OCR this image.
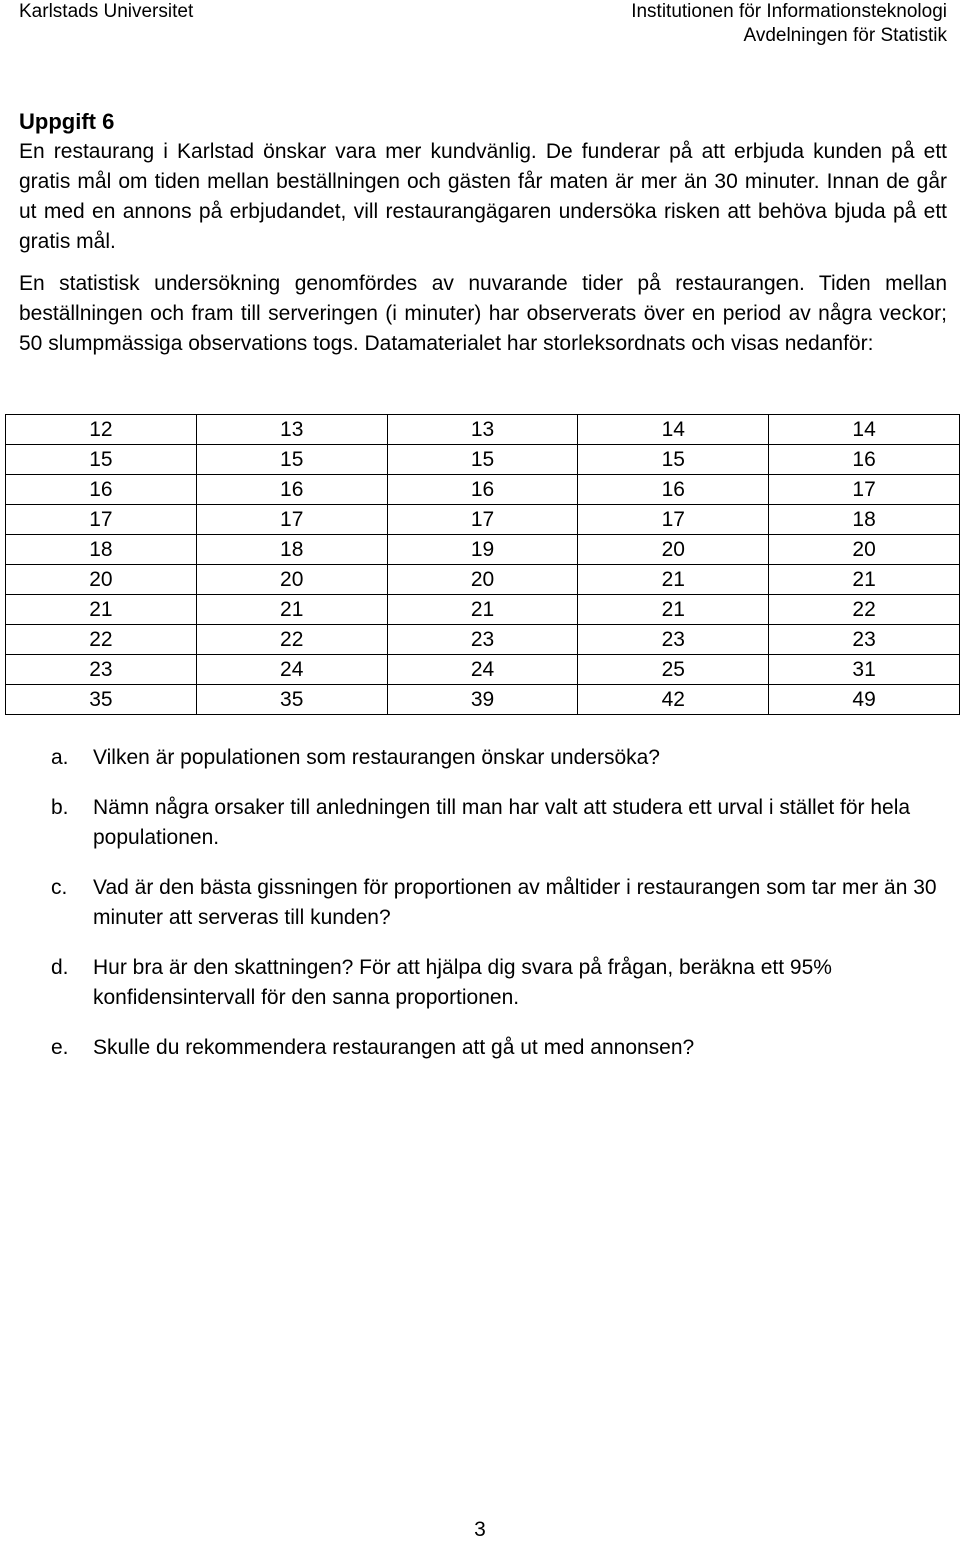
Karlstads Universitet	Institutionen för Informationsteknologi
Avdelningen för Statistik

Uppgift 6

En restaurang i Karlstad önskar vara mer kundvänlig. De funderar på att erbjuda kunden på ett gratis mål om tiden mellan beställningen och gästen får maten är mer än 30 minuter. Innan de går ut med en annons på erbjudandet, vill restaurangägaren undersöka risken att behöva bjuda på ett gratis mål.

En statistisk undersökning genomfördes av nuvarande tider på restaurangen. Tiden mellan beställningen och fram till serveringen (i minuter) har observerats över en period av några veckor; 50 slumpmässiga observations togs. Datamaterialet har storleksordnats och visas nedanför:

12	13	13	14	14
15	15	15	15	16
16	16	16	16	17
17	17	17	17	18
18	18	19	20	20
20	20	20	21	21
21	21	21	21	22
22	22	23	23	23
23	24	24	25	31
35	35	39	42	49
a.	Vilken är populationen som restaurangen önskar undersöka?
b.	Nämn några orsaker till anledningen till man har valt att studera ett urval i stället för hela populationen.
c.	Vad är den bästa gissningen för proportionen av måltider i restaurangen som tar mer än 30 minuter att serveras till kunden?
d.	Hur bra är den skattningen? För att hjälpa dig svara på frågan, beräkna ett 95% konfidensintervall för den sanna proportionen.
e.	Skulle du rekommendera restaurangen att gå ut med annonsen?
3
